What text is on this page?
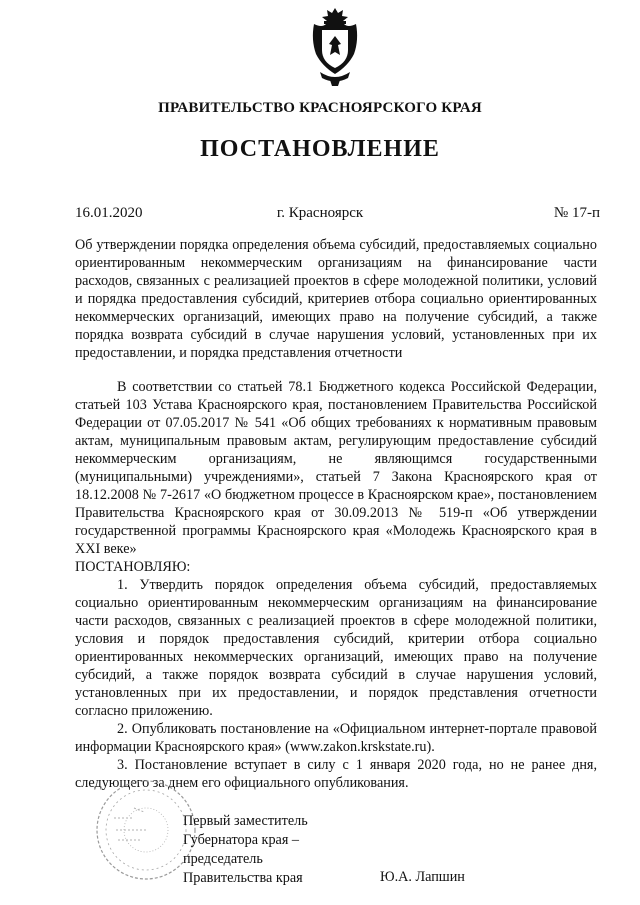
ПРАВИТЕЛЬСТВО КРАСНОЯРСКОГО КРАЯ
ПОСТАНОВЛЕНИЕ
16.01.2020	г. Красноярск	№ 17-п
Об утверждении порядка определения объема субсидий, предоставляемых социально ориентированным некоммерческим организациям на финансирование части расходов, связанных с реализацией проектов в сфере молодежной политики, условий и порядка предоставления субсидий, критериев отбора социально ориентированных некоммерческих организаций, имеющих право на получение субсидий, а также порядка возврата субсидий в случае нарушения условий, установленных при их предоставлении, и порядка представления отчетности

В соответствии со статьей 78.1 Бюджетного кодекса Российской Федерации, статьей 103 Устава Красноярского края, постановлением Правительства Российской Федерации от 07.05.2017 № 541 «Об общих требованиях к нормативным правовым актам, муниципальным правовым актам, регулирующим предоставление субсидий некоммерческим организациям, не являющимся государственными (муниципальными) учреждениями», статьей 7 Закона Красноярского края от 18.12.2008 № 7-2617 «О бюджетном процессе в Красноярском крае», постановлением Правительства Красноярского края от 30.09.2013 № 519-п «Об утверждении государственной программы Красноярского края «Молодежь Красноярского края в XXI веке»

ПОСТАНОВЛЯЮ:

1. Утвердить порядок определения объема субсидий, предоставляемых социально ориентированным некоммерческим организациям на финансирование части расходов, связанных с реализацией проектов в сфере молодежной политики, условия и порядок предоставления субсидий, критерии отбора социально ориентированных некоммерческих организаций, имеющих право на получение субсидий, а также порядок возврата субсидий в случае нарушения условий, установленных при их предоставлении, и порядок представления отчетности согласно приложению.

2. Опубликовать постановление на «Официальном интернет-портале правовой информации Красноярского края» (www.zakon.krskstate.ru).

3. Постановление вступает в силу с 1 января 2020 года, но не ранее дня, следующего за днем его официального опубликования.

Первый заместитель
Губернатора края –
председатель
Правительства края	Ю.А. Лапшин
